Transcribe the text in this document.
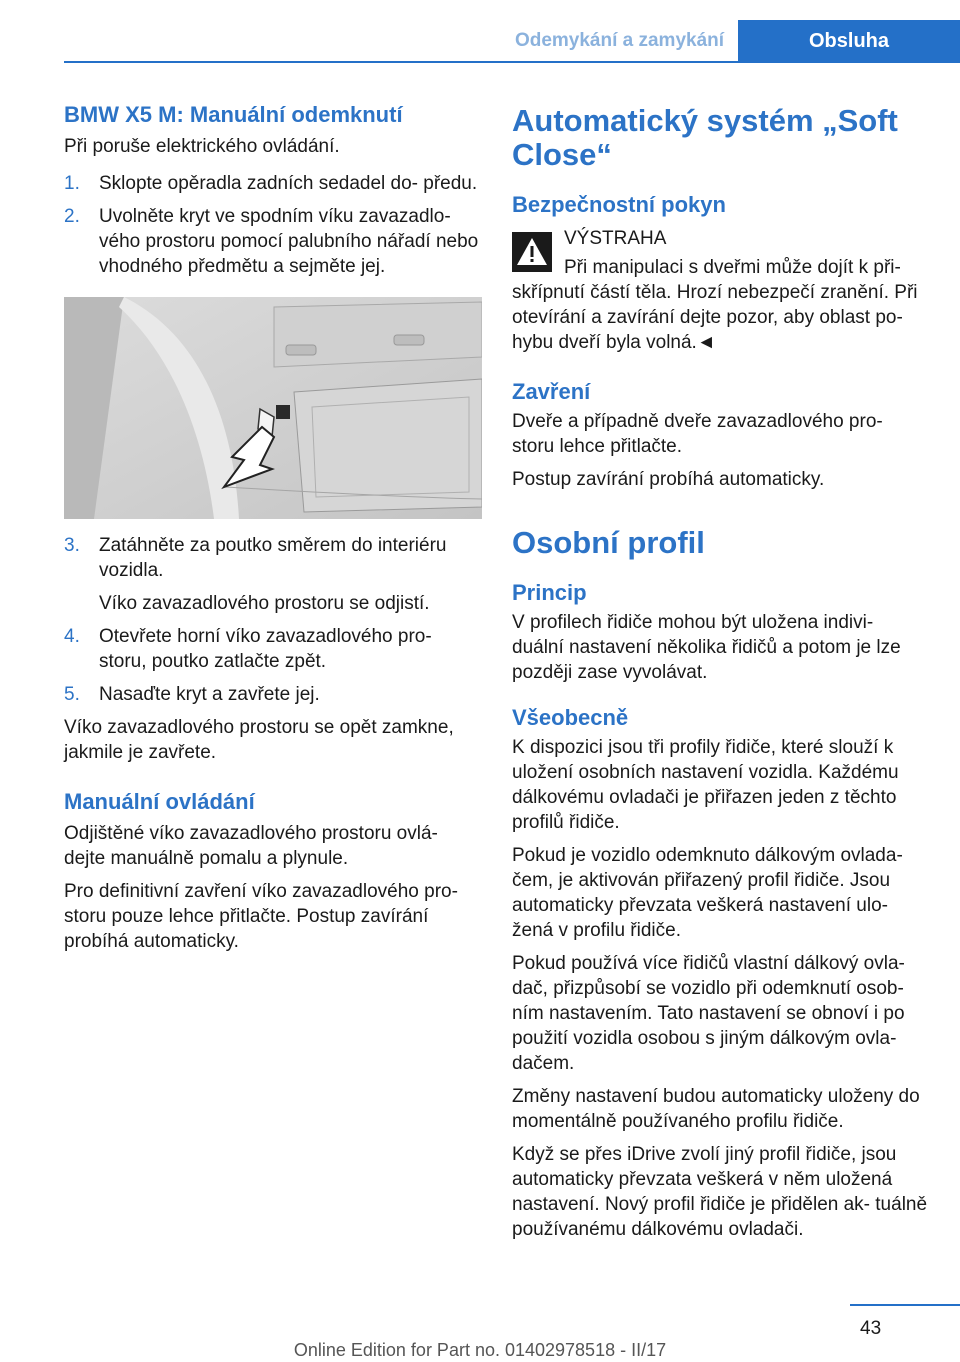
Odemykání a zamykání	Obsluha
BMW X5 M: Manuální odemknutí

Při poruše elektrického ovládání.

1. Sklopte opěradla zadních sedadel do‐ předu.
2. Uvolněte kryt ve spodním víku zavazadlo‐ vého prostoru pomocí palubního nářadí nebo vhodného předmětu a sejměte jej.
3. Zatáhněte za poutko směrem do interiéru vozidla.
Víko zavazadlového prostoru se odjistí.
4. Otevřete horní víko zavazadlového pro‐ storu, poutko zatlačte zpět.
5. Nasaďte kryt a zavřete jej.

Víko zavazadlového prostoru se opět zamkne, jakmile je zavřete.

Manuální ovládání

Odjištěné víko zavazadlového prostoru ovlá‐ dejte manuálně pomalu a plynule.

Pro definitivní zavření víko zavazadlového pro‐ storu pouze lehce přitlačte. Postup zavírání probíhá automaticky.

Automatický systém „Soft Close“
Bezpečnostní pokyn
VÝSTRAHA

Při manipulaci s dveřmi může dojít k při‐ skřípnutí částí těla. Hrozí nebezpečí zranění. Při otevírání a zavírání dejte pozor, aby oblast po‐ hybu dveří byla volná.◄

Zavření

Dveře a případně dveře zavazadlového pro‐ storu lehce přitlačte.

Postup zavírání probíhá automaticky.

Osobní profil
Princip

V profilech řidiče mohou být uložena indivi‐ duální nastavení několika řidičů a potom je lze později zase vyvolávat.

Všeobecně

K dispozici jsou tři profily řidiče, které slouží k uložení osobních nastavení vozidla. Každému dálkovému ovladači je přiřazen jeden z těchto profilů řidiče.

Pokud je vozidlo odemknuto dálkovým ovlada‐ čem, je aktivován přiřazený profil řidiče. Jsou automaticky převzata veškerá nastavení ulo‐ žená v profilu řidiče.

Pokud používá více řidičů vlastní dálkový ovla‐ dač, přizpůsobí se vozidlo při odemknutí osob‐ ním nastavením. Tato nastavení se obnoví i po použití vozidla osobou s jiným dálkovým ovla‐ dačem.

Změny nastavení budou automaticky uloženy do momentálně používaného profilu řidiče.

Když se přes iDrive zvolí jiný profil řidiče, jsou automaticky převzata veškerá v něm uložená nastavení. Nový profil řidiče je přidělen ak‐ tuálně používanému dálkovému ovladači.

43
Online Edition for Part no. 01402978518 - II/17
